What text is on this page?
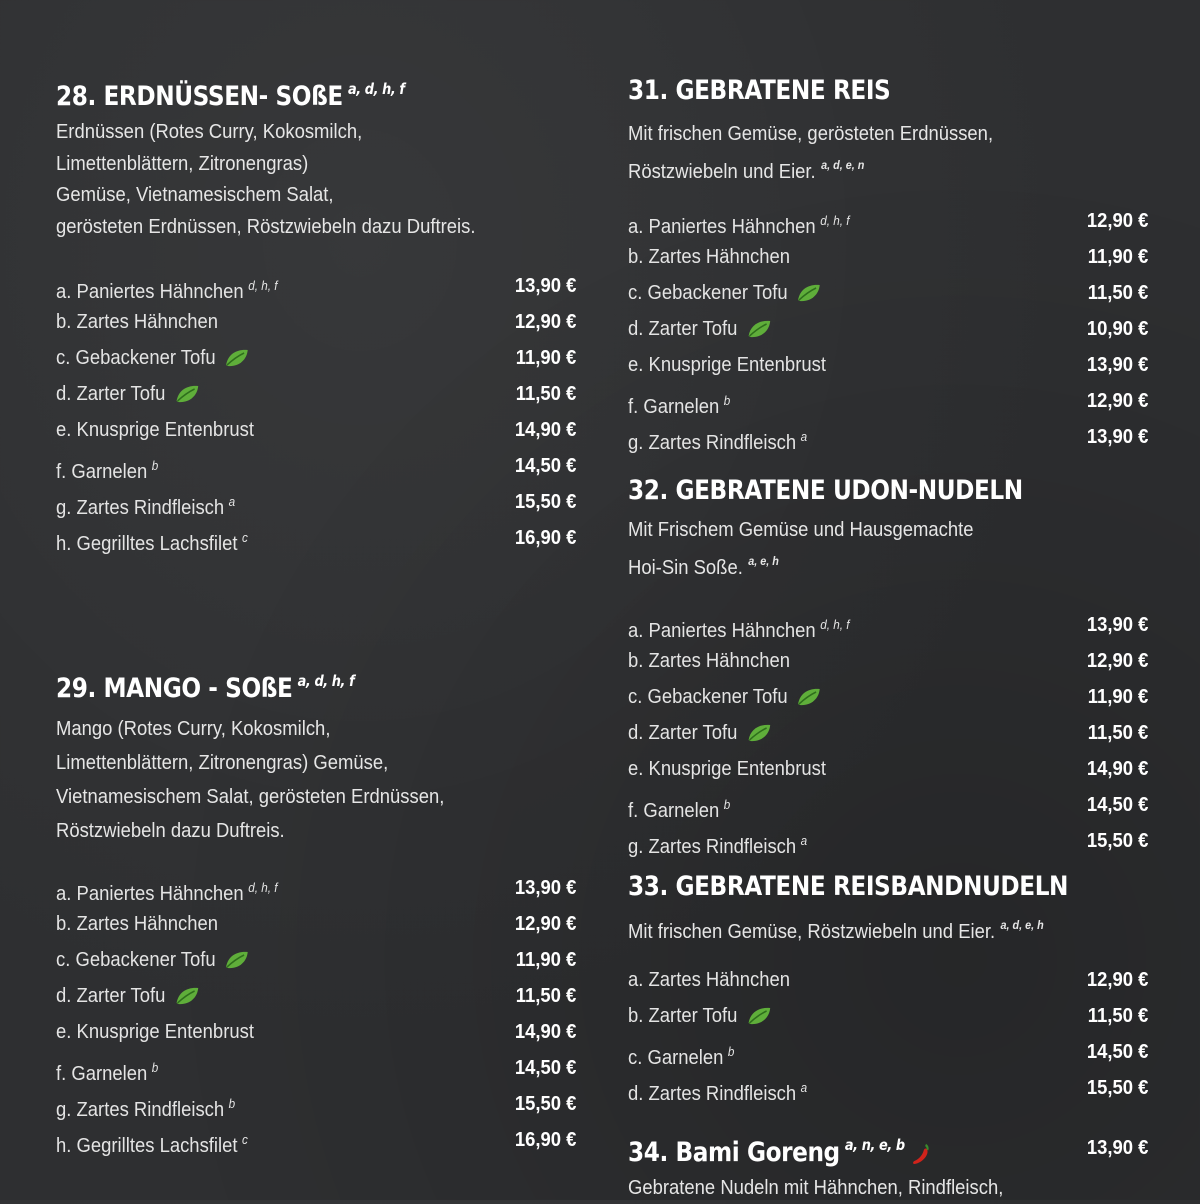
28. ERDNÜSSEN- SOßE $^{a, d, h, f}$
Erdnüssen (Rotes Curry, Kokosmilch,
Limettenblättern, Zitronengras)
Gemüse, Vietnamesischem Salat,
gerösteten Erdnüssen, Röstzwiebeln dazu Duftreis.
a. Paniertes Hähnchen $^{d, h, f}$	13,90 €
b. Zartes Hähnchen	12,90 €
c. Gebackener Tofu	11,90 €
d. Zarter Tofu	11,50 €
e. Knusprige Entenbrust	14,90 €
f. Garnelen $^b$	14,50 €
g. Zartes Rindfleisch $^a$	15,50 €
h. Gegrilltes Lachsfilet $^c$	16,90 €
29. MANGO - SOßE $^{a, d, h, f}$
Mango (Rotes Curry, Kokosmilch,
Limettenblättern, Zitronengras) Gemüse,
Vietnamesischem Salat, gerösteten Erdnüssen,
Röstzwiebeln dazu Duftreis.
a. Paniertes Hähnchen $^{d, h, f}$	13,90 €
b. Zartes Hähnchen	12,90 €
c. Gebackener Tofu	11,90 €
d. Zarter Tofu	11,50 €
e. Knusprige Entenbrust	14,90 €
f. Garnelen $^b$	14,50 €
g. Zartes Rindfleisch $^b$	15,50 €
h. Gegrilltes Lachsfilet $^c$	16,90 €
31. GEBRATENE REIS
Mit frischen Gemüse, gerösteten Erdnüssen,
Röstzwiebeln und Eier. $^{a, d, e, n}$
a. Paniertes Hähnchen $^{d, h, f}$	12,90 €
b. Zartes Hähnchen	11,90 €
c. Gebackener Tofu	11,50 €
d. Zarter Tofu	10,90 €
e. Knusprige Entenbrust	13,90 €
f. Garnelen $^b$	12,90 €
g. Zartes Rindfleisch $^a$	13,90 €
32. GEBRATENE UDON-NUDELN
Mit Frischem Gemüse und Hausgemachte
Hoi-Sin Soße. $^{a, e, h}$
a. Paniertes Hähnchen $^{d, h, f}$	13,90 €
b. Zartes Hähnchen	12,90 €
c. Gebackener Tofu	11,90 €
d. Zarter Tofu	11,50 €
e. Knusprige Entenbrust	14,90 €
f. Garnelen $^b$	14,50 €
g. Zartes Rindfleisch $^a$	15,50 €
33. GEBRATENE REISBANDNUDELN
Mit frischen Gemüse, Röstzwiebeln und Eier. $^{a, d, e, h}$
a. Zartes Hähnchen	12,90 €
b. Zarter Tofu	11,50 €
c. Garnelen $^b$	14,50 €
d. Zartes Rindfleisch $^a$	15,50 €
34. Bami Goreng $^{a, n, e, b}$	13,90 €
Gebratene Nudeln mit Hähnchen, Rindfleisch,
